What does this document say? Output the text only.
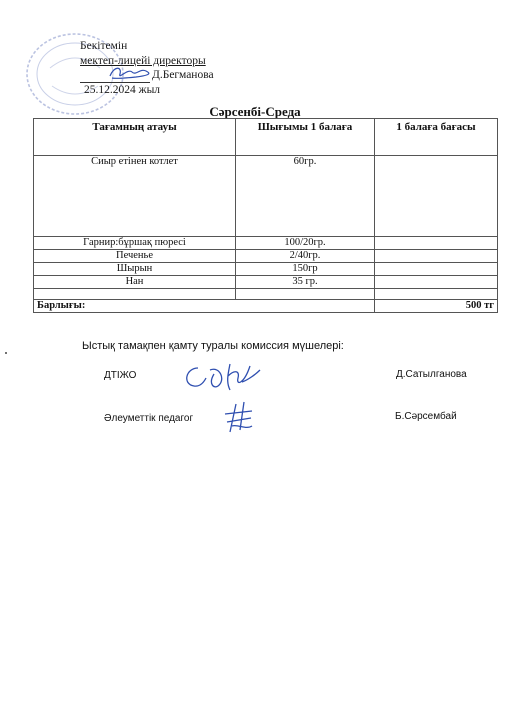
Бекітемін
мектеп-лицейі директоры
Д.Бегманова
25.12.2024 жыл
Сәрсенбі-Среда
Тағамның атауы	Шығымы 1 балаға	1 балаға бағасы
Сиыр етінен котлет	60гр.	
Гарнир:бұршақ пюресі	100/20гр.	
Печенье	2/40гр.	
Шырын	150гр	
Нан	35 гр.	

Барлығы:		500 тг
Ыстық тамақпен қамту туралы комиссия мүшелері:
ДТІЖО	Д.Сатылганова
Әлеуметтік педагог	Б.Сәрсембай
